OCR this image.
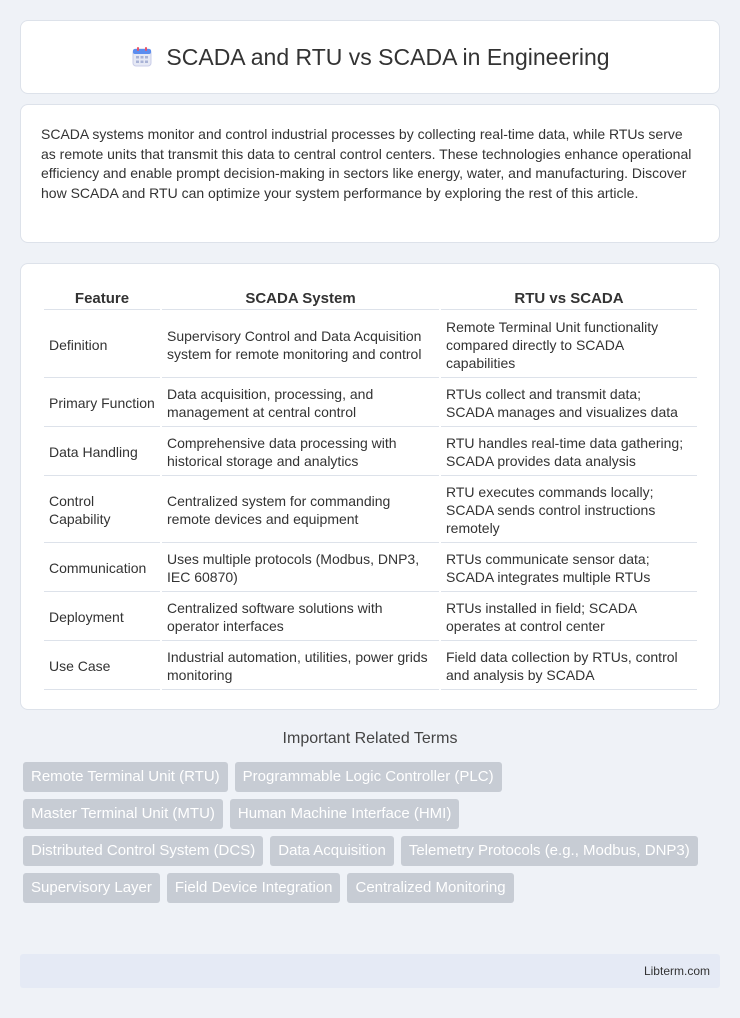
SCADA and RTU vs SCADA in Engineering

SCADA systems monitor and control industrial processes by collecting real-time data, while RTUs serve as remote units that transmit this data to central control centers. These technologies enhance operational efficiency and enable prompt decision-making in sectors like energy, water, and manufacturing. Discover how SCADA and RTU can optimize your system performance by exploring the rest of this article.

Feature	SCADA System	RTU vs SCADA
Definition	Supervisory Control and Data Acquisition system for remote monitoring and control	Remote Terminal Unit functionality compared directly to SCADA capabilities
Primary Function	Data acquisition, processing, and management at central control	RTUs collect and transmit data; SCADA manages and visualizes data
Data Handling	Comprehensive data processing with historical storage and analytics	RTU handles real-time data gathering; SCADA provides data analysis
Control Capability	Centralized system for commanding remote devices and equipment	RTU executes commands locally; SCADA sends control instructions remotely
Communication	Uses multiple protocols (Modbus, DNP3, IEC 60870)	RTUs communicate sensor data; SCADA integrates multiple RTUs
Deployment	Centralized software solutions with operator interfaces	RTUs installed in field; SCADA operates at control center
Use Case	Industrial automation, utilities, power grids monitoring	Field data collection by RTUs, control and analysis by SCADA
Important Related Terms
Remote Terminal Unit (RTU)	Programmable Logic Controller (PLC)
Master Terminal Unit (MTU)	Human Machine Interface (HMI)
Distributed Control System (DCS)	Data Acquisition	Telemetry Protocols (e.g., Modbus, DNP3)
Supervisory Layer	Field Device Integration	Centralized Monitoring
Libterm.com
